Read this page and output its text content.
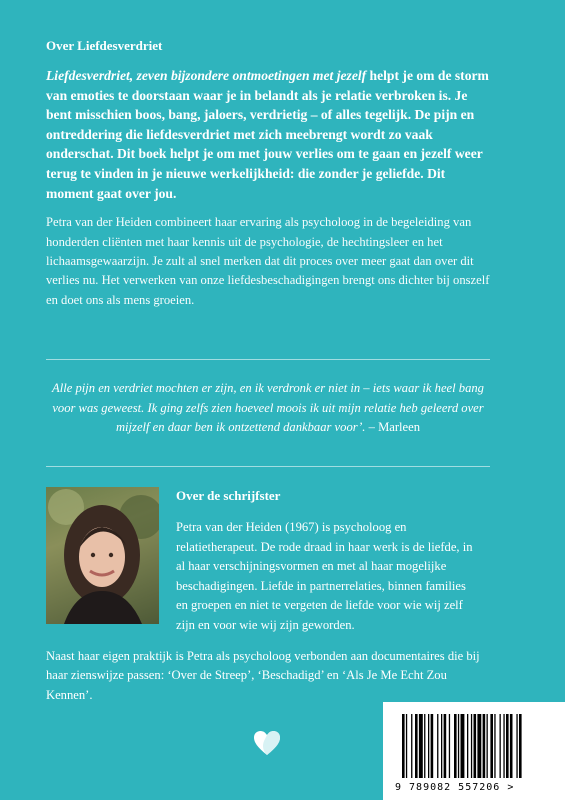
Over Liefdesverdriet

Liefdesverdriet, zeven bijzondere ontmoetingen met jezelf helpt je om de storm van emoties te doorstaan waar je in belandt als je relatie verbroken is. Je bent misschien boos, bang, jaloers, verdrietig – of alles tegelijk. De pijn en ontreddering die liefdesverdriet met zich meebrengt wordt zo vaak onderschat. Dit boek helpt je om met jouw verlies om te gaan en jezelf weer terug te vinden in je nieuwe werkelijkheid: die zonder je geliefde. Dit moment gaat over jou.

Petra van der Heiden combineert haar ervaring als psycholoog in de begeleiding van honderden cliënten met haar kennis uit de psychologie, de hechtingsleer en het lichaamsgewaarzijn. Je zult al snel merken dat dit proces over meer gaat dan over dit verlies nu. Het verwerken van onze liefdesbeschadigingen brengt ons dichter bij onszelf en doet ons als mens groeien.

Alle pijn en verdriet mochten er zijn, en ik verdronk er niet in – iets waar ik heel bang voor was geweest. Ik ging zelfs zien hoeveel moois ik uit mijn relatie heb geleerd over mijzelf en daar ben ik ontzettend dankbaar voor’. – Marleen

Over de schrijfster

Petra van der Heiden (1967) is psycholoog en relatietherapeut. De rode draad in haar werk is de liefde, in al haar verschijningsvormen en met al haar mogelijke beschadigingen. Liefde in partnerrelaties, binnen families en groepen en niet te vergeten de liefde voor wie wij zelf zijn en voor wie wij zijn geworden.

Naast haar eigen praktijk is Petra als psycholoog verbonden aan documentaires die bij haar zienswijze passen: ‘Over de Streep’, ‘Beschadigd’ en ‘Als Je Me Echt Zou Kennen’.

9 789082 557206 >
